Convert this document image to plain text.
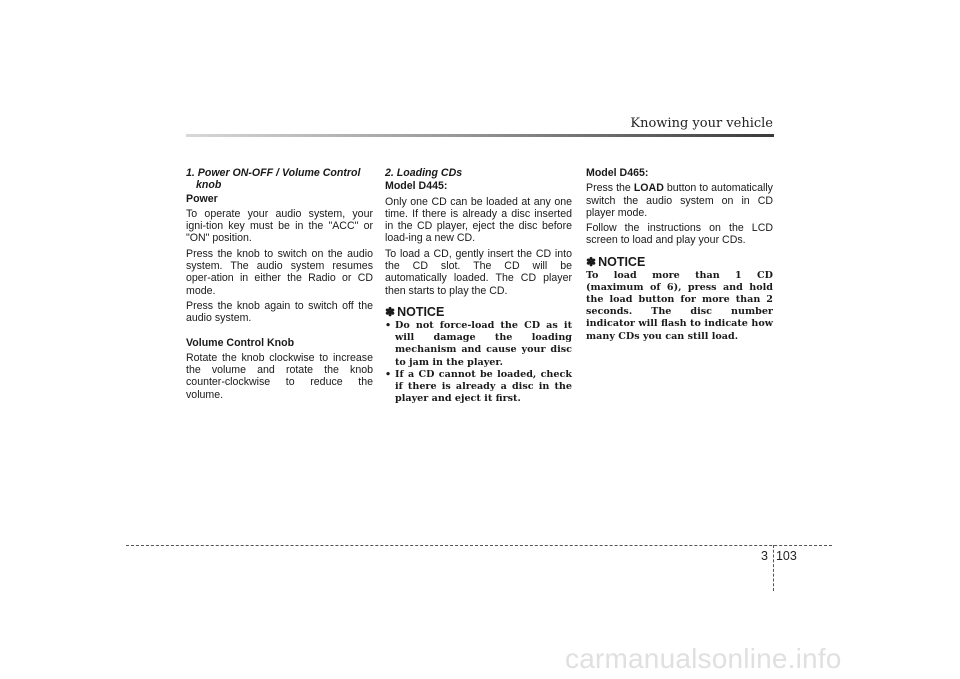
Knowing your vehicle
1. Power ON-OFF / Volume Control
knob

Power

To operate your audio system, your igni-tion key must be in the "ACC" or "ON" position.

Press the knob to switch on the audio system. The audio system resumes oper-ation in either the Radio or CD mode.

Press the knob again to switch off the audio system.

Volume Control Knob

Rotate the knob clockwise to increase the volume and rotate the knob counter-clockwise to reduce the volume.

2. Loading CDs

Model D445:

Only one CD can be loaded at any one time. If there is already a disc inserted in the CD player, eject the disc before load-ing a new CD.

To load a CD, gently insert the CD into the CD slot. The CD will be automatically loaded. The CD player then starts to play the CD.

✽ NOTICE
• Do not force-load the CD as it will damage the loading mechanism and cause your disc to jam in the player.
• If a CD cannot be loaded, check if there is already a disc in the player and eject it first.

Model D465:

Press the LOAD button to automatically switch the audio system on in CD player mode.

Follow the instructions on the LCD screen to load and play your CDs.

✽ NOTICE
To load more than 1 CD (maximum of 6), press and hold the load button for more than 2 seconds. The disc number indicator will flash to indicate how many CDs you can still load.
3 103
carmanualsonline.info
